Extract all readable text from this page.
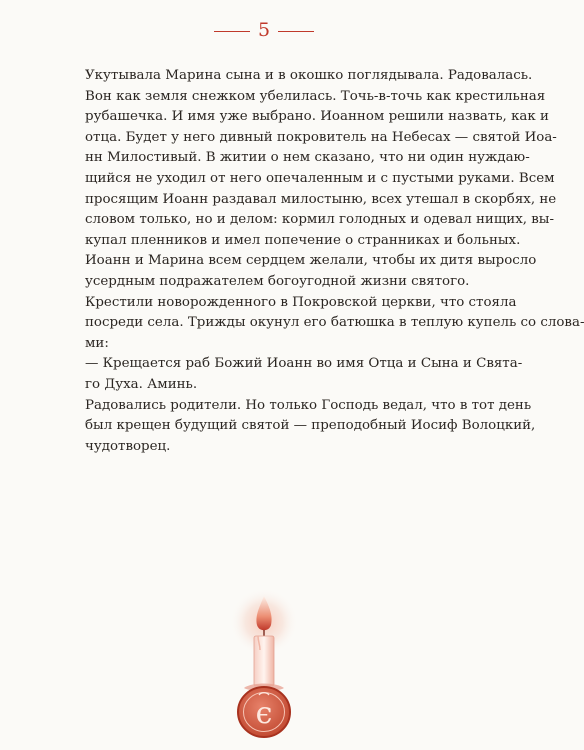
5

Укутывала Марина сына и в окошко поглядывала. Радовалась.
Вон как земля снежком убелилась. Точь-в-точь как крестильная
рубашечка. И имя уже выбрано. Иоанном решили назвать, как и
отца. Будет у него дивный покровитель на Небесах — святой Иоа-
нн Милостивый. В житии о нем сказано, что ни один нуждаю-
щийся не уходил от него опечаленным и с пустыми руками. Всем
просящим Иоанн раздавал милостыню, всех утешал в скорбях, не
словом только, но и делом: кормил голодных и одевал нищих, вы-
купал пленников и имел попечение о странниках и больных.

Иоанн и Марина всем сердцем желали, чтобы их дитя выросло
усердным подражателем богоугодной жизни святого.

Крестили новорожденного в Покровской церкви, что стояла
посреди села. Трижды окунул его батюшка в теплую купель со слова-
ми:

— Крещается раб Божий Иоанн во имя Отца и Сына и Свята-
го Духа. Аминь.

Радовались родители. Но только Господь ведал, что в тот день
был крещен будущий святой — преподобный Иосиф Волоцкий,
чудотворец.

є
